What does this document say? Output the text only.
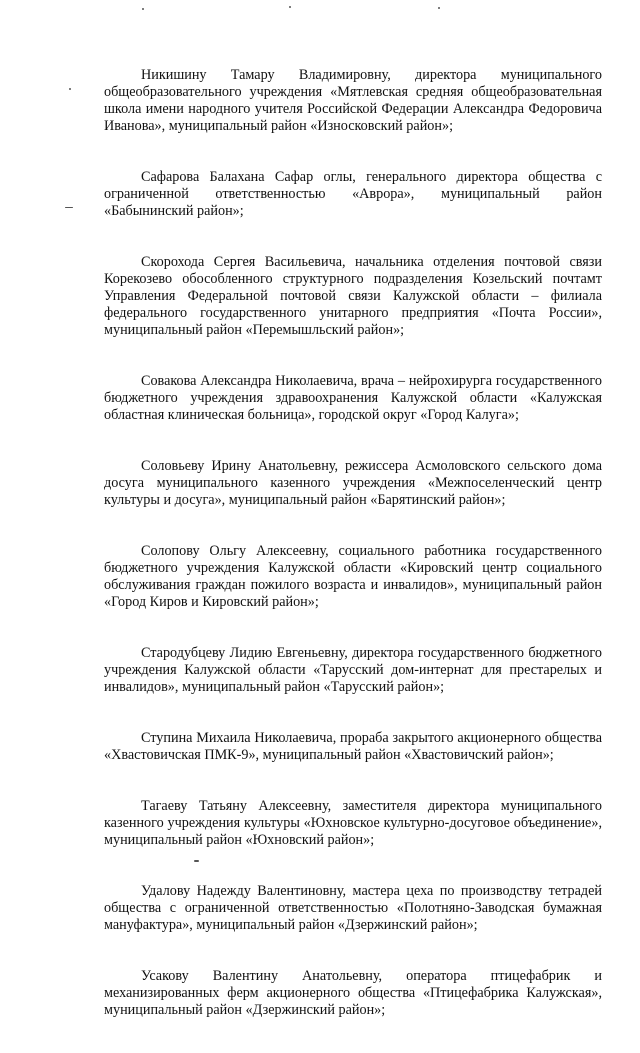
Никишину Тамару Владимировну, директора муниципального общеобразовательного учреждения «Мятлевская средняя общеобразовательная школа имени народного учителя Российской Федерации Александра Федоровича Иванова», муниципальный район «Износковский район»;

Сафарова Балахана Сафар оглы, генерального директора общества с ограниченной ответственностью «Аврора», муниципальный район «Бабынинский район»;

Скорохода Сергея Васильевича, начальника отделения почтовой связи Корекозево обособленного структурного подразделения Козельский почтамт Управления Федеральной почтовой связи Калужской области – филиала федерального государственного унитарного предприятия «Почта России», муниципальный район «Перемышльский район»;

Совакова Александра Николаевича, врача – нейрохирурга государственного бюджетного учреждения здравоохранения Калужской области «Калужская областная клиническая больница», городской округ «Город Калуга»;

Соловьеву Ирину Анатольевну, режиссера Асмоловского сельского дома досуга муниципального казенного учреждения «Межпоселенческий центр культуры и досуга», муниципальный район «Барятинский район»;

Солопову Ольгу Алексеевну, социального работника государственного бюджетного учреждения Калужской области «Кировский центр социального обслуживания граждан пожилого возраста и инвалидов», муниципальный район «Город Киров и Кировский район»;

Стародубцеву Лидию Евгеньевну, директора государственного бюджетного учреждения Калужской области «Тарусский дом-интернат для престарелых и инвалидов», муниципальный район «Тарусский район»;

Ступина Михаила Николаевича, прораба закрытого акционерного общества «Хвастовичская ПМК-9», муниципальный район «Хвастовичский район»;

Тагаеву Татьяну Алексеевну, заместителя директора муниципального казенного учреждения культуры «Юхновское культурно-досуговое объединение», муниципальный район «Юхновский район»;

Удалову Надежду Валентиновну, мастера цеха по производству тетрадей общества с ограниченной ответственностью «Полотняно-Заводская бумажная мануфактура», муниципальный район «Дзержинский район»;

Усакову Валентину Анатольевну, оператора птицефабрик и механизированных ферм акционерного общества «Птицефабрика Калужская», муниципальный район «Дзержинский район»;
